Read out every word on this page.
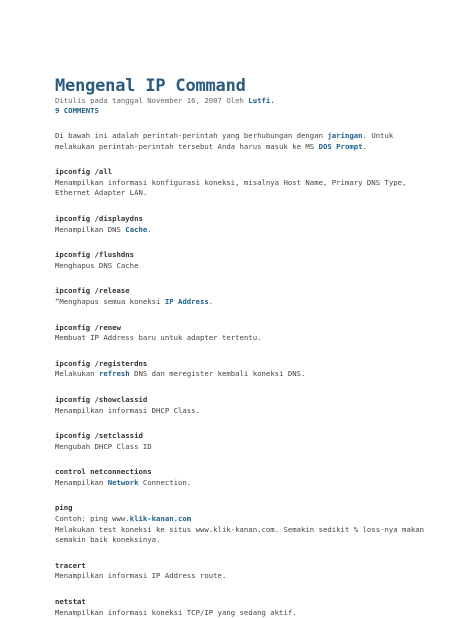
Mengenal IP Command
Ditulis pada tanggal November 16, 2007 Oleh Lutfi.
9 COMMENTS
Di bawah ini adalah perintah-perintah yang berhubungan dengan jaringan. Untuk melakukan perintah-perintah tersebut Anda harus masuk ke MS DOS Prompt.
ipconfig /all
Menampilkan informasi konfigurasi koneksi, misalnya Host Name, Primary DNS Type, Ethernet Adapter LAN.
ipconfig /displaydns
Menampilkan DNS Cache.
ipconfig /flushdns
Menghapus DNS Cache
ipconfig /release
“Menghapus semua koneksi IP Address.
ipconfig /renew
Membuat IP Address baru untuk adapter tertentu.
ipconfig /registerdns
Melakukan refresh DNS dan meregister kembali koneksi DNS.
ipconfig /showclassid
Menampilkan informasi DHCP Class.
ipconfig /setclassid
Mengubah DHCP Class ID
control netconnections
Menampilkan Network Connection.
ping
Contoh: ping www.klik-kanan.com
Melakukan test koneksi ke situs www.klik-kanan.com. Semakin sedikit % loss-nya makan semakin baik koneksinya.
tracert
Menampilkan informasi IP Address route.
netstat
Menampilkan informasi koneksi TCP/IP yang sedang aktif.
